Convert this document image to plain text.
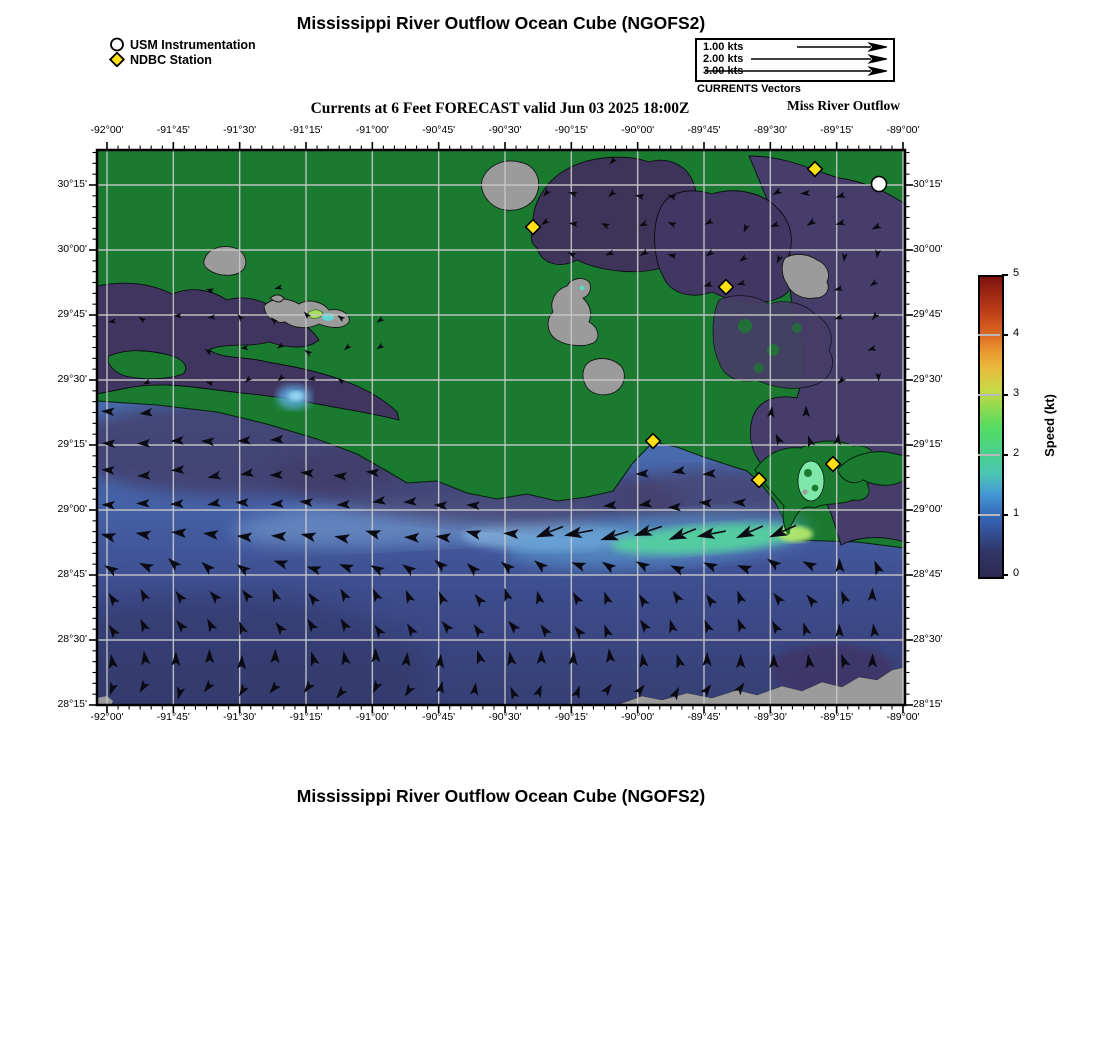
Mississippi River Outflow Ocean Cube (NGOFS2)
USM Instrumentation
NDBC Station
1.00 kts
2.00 kts
3.00 kts
CURRENTS Vectors
Currents at 6 Feet FORECAST valid Jun 03 2025 18:00Z	Miss River Outflow
-92°00'	-91°45'	-91°30'	-91°15'	-91°00'	-90°45'	-90°30'	-90°15'	-90°00'	-89°45'	-89°30'	-89°15'	-89°00'
-92°00'	-91°45'	-91°30'	-91°15'	-91°00'	-90°45'	-90°30'	-90°15'	-90°00'	-89°45'	-89°30'	-89°15'	-89°00'
30°15'
30°00'
29°45'
29°30'
29°15'
29°00'
28°45'
28°30'
28°15'
30°15'
30°00'
29°45'
29°30'
29°15'
29°00'
28°45'
28°30'
28°15'
0
1
2
3
4
5
Speed (kt)
Mississippi River Outflow Ocean Cube (NGOFS2)
